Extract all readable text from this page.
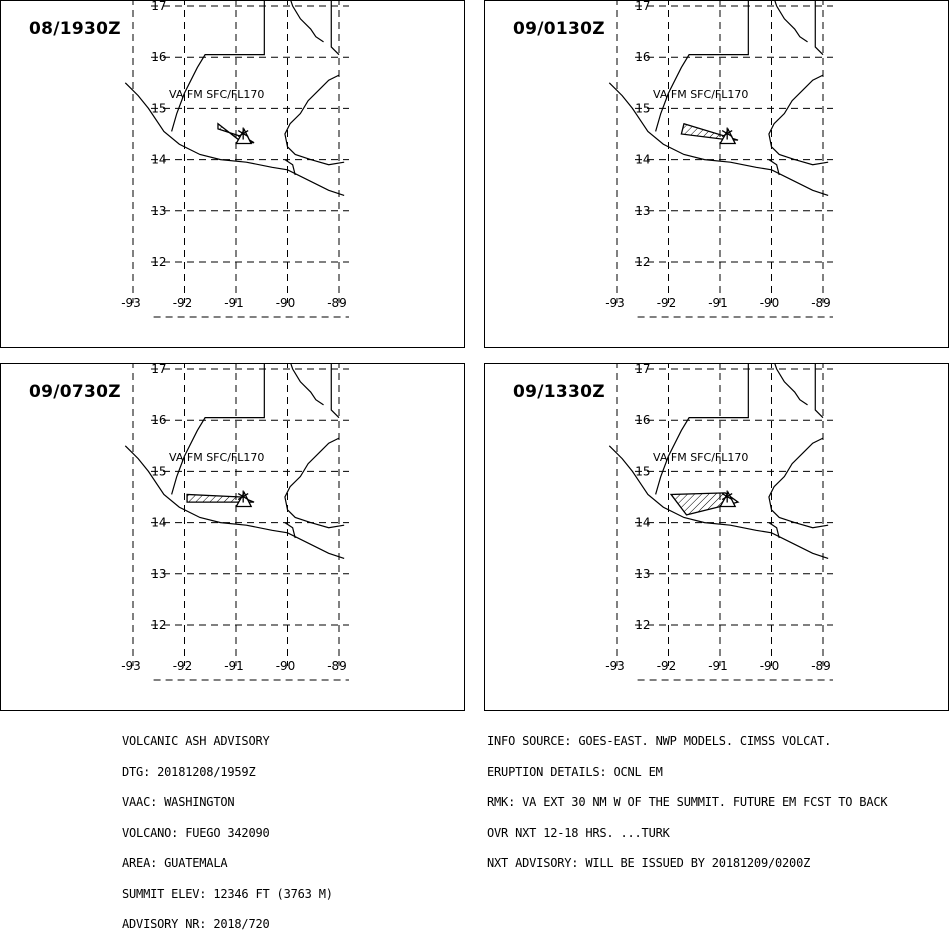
17
16
15
14
13
12
-93	-92	-91	-90	-89
VA FM SFC/FL170
08/1930Z
17
16
15
14
13
12
-93	-92	-91	-90	-89
VA FM SFC/FL170
09/0130Z
17
16
15
14
13
12
-93	-92	-91	-90	-89
VA FM SFC/FL170
09/0730Z
17
16
15
14
13
12
-93	-92	-91	-90	-89
VA FM SFC/FL170
09/1330Z

VOLCANIC ASH ADVISORY

DTG: 20181208/1959Z

VAAC: WASHINGTON

VOLCANO: FUEGO 342090

AREA: GUATEMALA

SUMMIT ELEV: 12346 FT (3763 M)

ADVISORY NR: 2018/720

INFO SOURCE: GOES-EAST. NWP MODELS. CIMSS VOLCAT.

ERUPTION DETAILS: OCNL EM

RMK: VA EXT 30 NM W OF THE SUMMIT. FUTURE EM FCST TO BACK

OVR NXT 12-18 HRS. ...TURK

NXT ADVISORY: WILL BE ISSUED BY 20181209/0200Z
